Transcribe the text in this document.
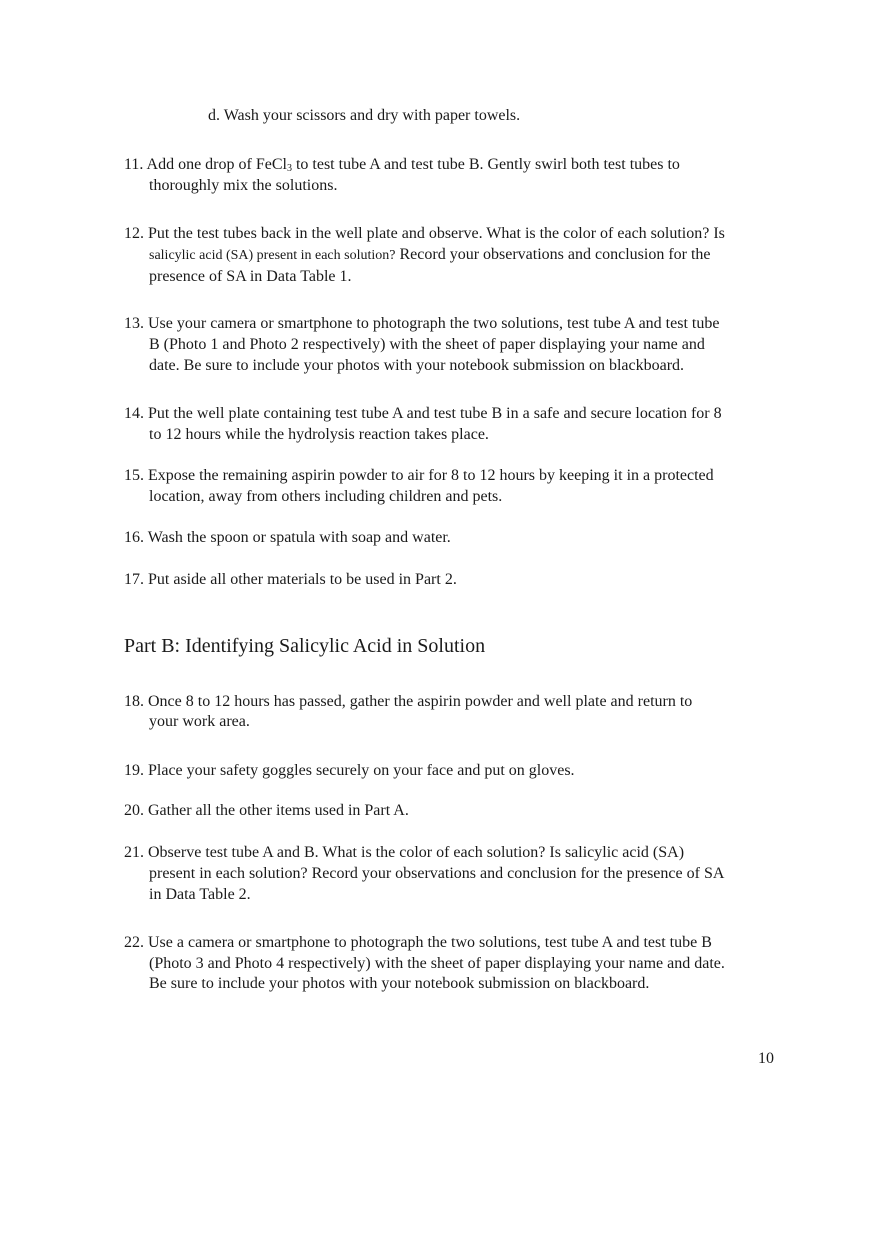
d. Wash your scissors and dry with paper towels.
11. Add one drop of FeCl$_3$ to test tube A and test tube B. Gently swirl both test tubes to
thoroughly mix the solutions.
12. Put the test tubes back in the well plate and observe. What is the color of each solution? Is
salicylic acid (SA) present in each solution? Record your observations and conclusion for the
presence of SA in Data Table 1.
13. Use your camera or smartphone to photograph the two solutions, test tube A and test tube
B (Photo 1 and Photo 2 respectively) with the sheet of paper displaying your name and
date. Be sure to include your photos with your notebook submission on blackboard.
14. Put the well plate containing test tube A and test tube B in a safe and secure location for 8
to 12 hours while the hydrolysis reaction takes place.
15. Expose the remaining aspirin powder to air for 8 to 12 hours by keeping it in a protected
location, away from others including children and pets.
16. Wash the spoon or spatula with soap and water.
17. Put aside all other materials to be used in Part 2.
Part B: Identifying Salicylic Acid in Solution
18. Once 8 to 12 hours has passed, gather the aspirin powder and well plate and return to
your work area.
19. Place your safety goggles securely on your face and put on gloves.
20. Gather all the other items used in Part A.
21. Observe test tube A and B. What is the color of each solution? Is salicylic acid (SA)
present in each solution? Record your observations and conclusion for the presence of SA
in Data Table 2.
22. Use a camera or smartphone to photograph the two solutions, test tube A and test tube B
(Photo 3 and Photo 4 respectively) with the sheet of paper displaying your name and date.
Be sure to include your photos with your notebook submission on blackboard.
10
